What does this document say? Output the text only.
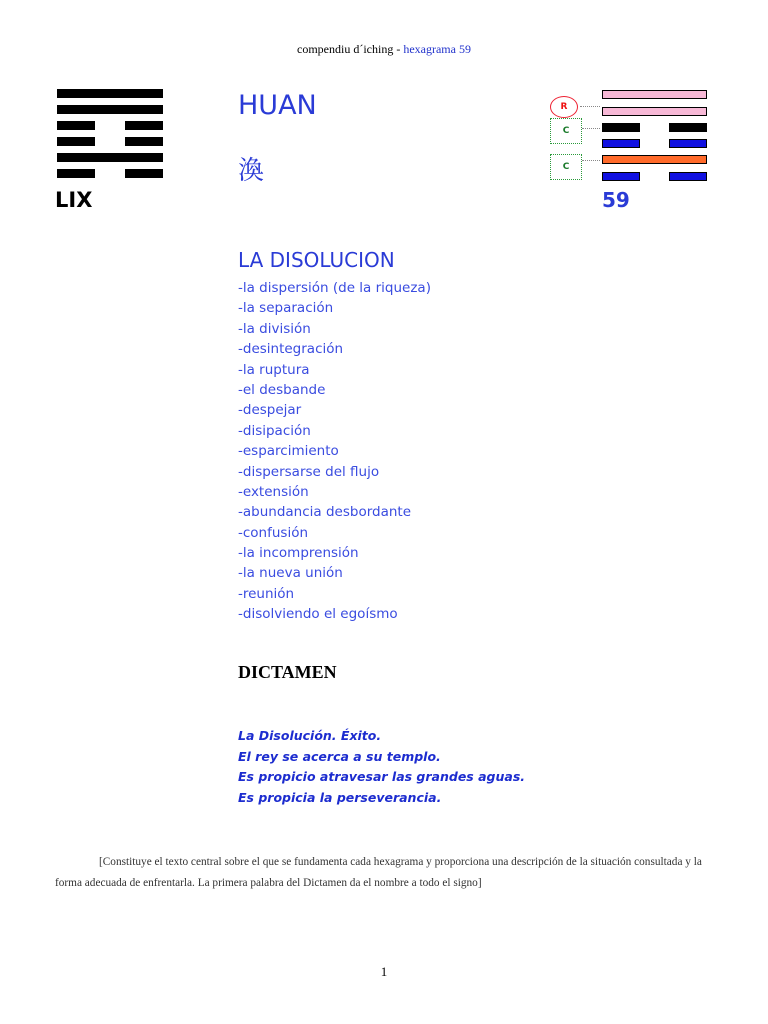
compendiu d´iching - hexagrama 59
LIX
HUAN
渙
R
C
C
59
LA DISOLUCION
-la dispersión (de la riqueza)
-la separación
-la división
-desintegración
-la ruptura
-el desbande
-despejar
-disipación
-esparcimiento
-dispersarse del flujo
-extensión
-abundancia desbordante
-confusión
-la incomprensión
-la nueva unión
-reunión
-disolviendo el egoísmo
DICTAMEN
La Disolución. Éxito.
El rey se acerca a su templo.
Es propicio atravesar las grandes aguas.
Es propicia la perseverancia.
[Constituye el texto central sobre el que se fundamenta cada hexagrama y proporciona una descripción de la situación consultada y la forma adecuada de enfrentarla. La primera palabra del Dictamen da el nombre a todo el signo]
1
